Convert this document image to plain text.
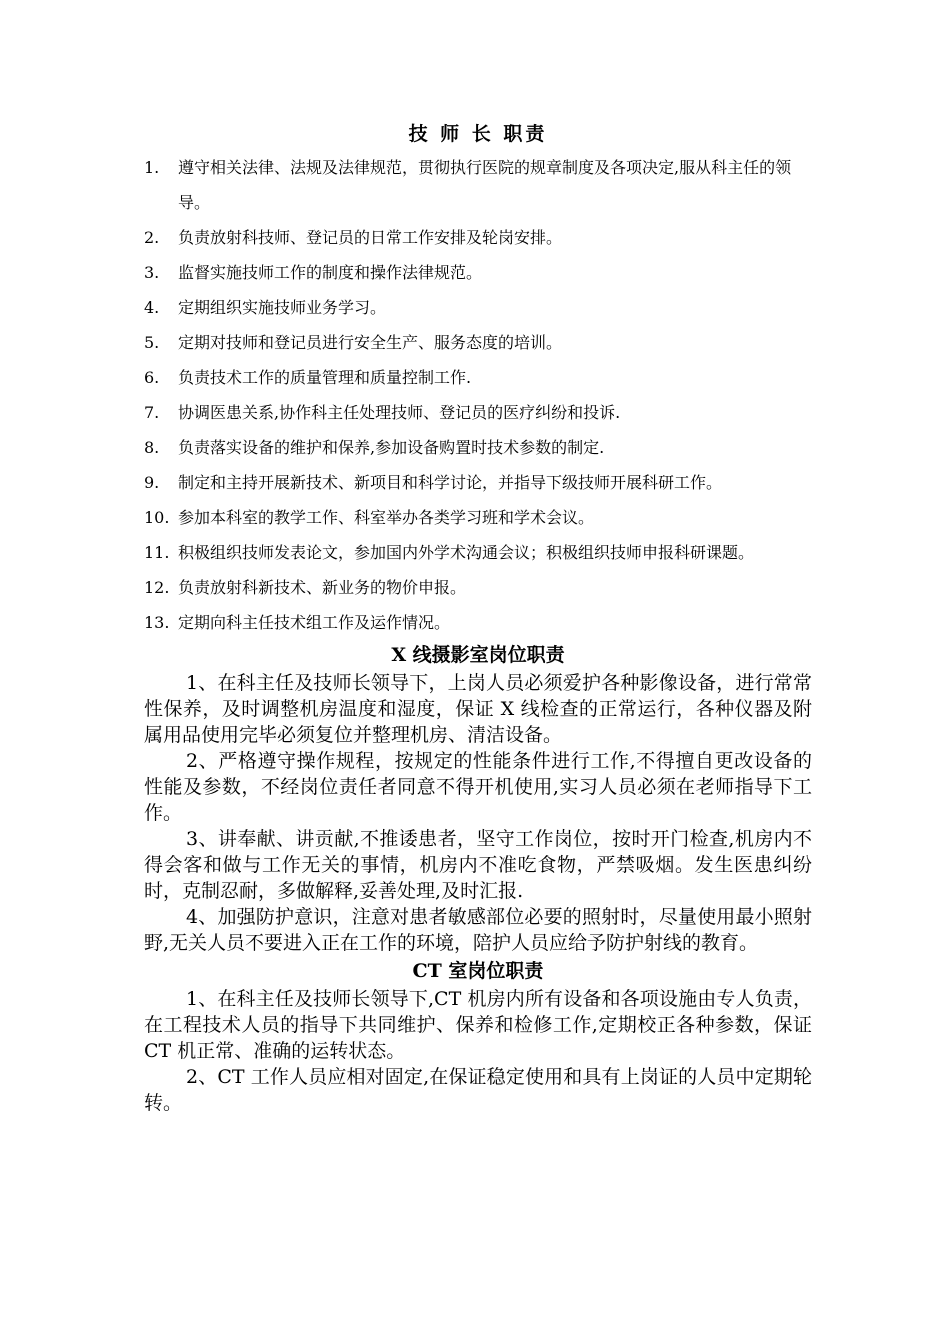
技 师 长 职责
1. 遵守相关法律、法规及法律规范，贯彻执行医院的规章制度及各项决定,服从科主任的领导。
2. 负责放射科技师、登记员的日常工作安排及轮岗安排。
3. 监督实施技师工作的制度和操作法律规范。
4. 定期组织实施技师业务学习。
5. 定期对技师和登记员进行安全生产、服务态度的培训。
6. 负责技术工作的质量管理和质量控制工作.
7. 协调医患关系,协作科主任处理技师、登记员的医疗纠纷和投诉.
8. 负责落实设备的维护和保养,参加设备购置时技术参数的制定.
9. 制定和主持开展新技术、新项目和科学讨论，并指导下级技师开展科研工作。
10. 参加本科室的教学工作、科室举办各类学习班和学术会议。
11. 积极组织技师发表论文，参加国内外学术沟通会议；积极组织技师申报科研课题。
12. 负责放射科新技术、新业务的物价申报。
13. 定期向科主任技术组工作及运作情况。
X 线摄影室岗位职责

1、在科主任及技师长领导下，上岗人员必须爱护各种影像设备，进行常常性保养，及时调整机房温度和湿度，保证 X 线检查的正常运行，各种仪器及附属用品使用完毕必须复位并整理机房、清洁设备。

2、严格遵守操作规程，按规定的性能条件进行工作,不得擅自更改设备的性能及参数，不经岗位责任者同意不得开机使用,实习人员必须在老师指导下工作。

3、讲奉献、讲贡献,不推诿患者，坚守工作岗位，按时开门检查,机房内不得会客和做与工作无关的事情，机房内不准吃食物，严禁吸烟。发生医患纠纷时，克制忍耐，多做解释,妥善处理,及时汇报.

4、加强防护意识，注意对患者敏感部位必要的照射时，尽量使用最小照射野,无关人员不要进入正在工作的环境，陪护人员应给予防护射线的教育。

CT 室岗位职责

1、在科主任及技师长领导下,CT 机房内所有设备和各项设施由专人负责，在工程技术人员的指导下共同维护、保养和检修工作,定期校正各种参数，保证 CT 机正常、准确的运转状态。

2、CT 工作人员应相对固定,在保证稳定使用和具有上岗证的人员中定期轮转。
